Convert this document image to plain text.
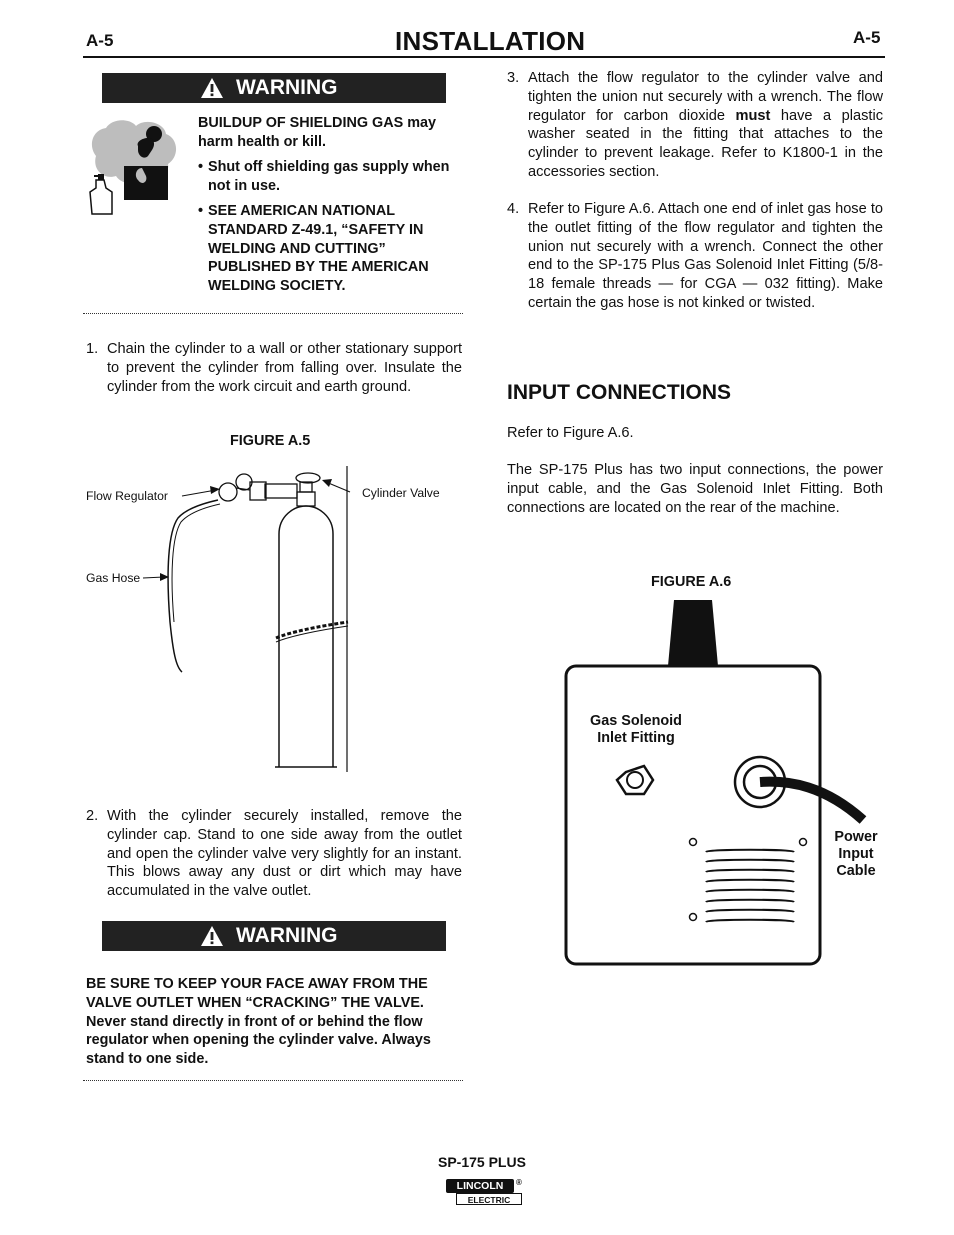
A-5	INSTALLATION	A-5
WARNING
BUILDUP OF SHIELDING GAS may harm health or kill.
• Shut off shielding gas supply when not in use.
• SEE AMERICAN NATIONAL STANDARD Z-49.1, “SAFETY IN WELDING AND CUTTING” PUBLISHED BY THE AMERICAN WELDING SOCIETY.
1. Chain the cylinder to a wall or other stationary support to prevent the cylinder from falling over. Insulate the cylinder from the work circuit and earth ground.
FIGURE A.5
Flow Regulator	Cylinder Valve
Gas Hose
2. With the cylinder securely installed, remove the cylinder cap. Stand to one side away from the outlet and open the cylinder valve very slightly for an instant. This blows away any dust or dirt which may have accumulated in the valve outlet.
WARNING
BE SURE TO KEEP YOUR FACE AWAY FROM THE VALVE OUTLET WHEN “CRACKING” THE VALVE. Never stand directly in front of or behind the flow regulator when opening the cylinder valve. Always stand to one side.
3. Attach the flow regulator to the cylinder valve and tighten the union nut securely with a wrench. The flow regulator for carbon dioxide must have a plastic washer seated in the fitting that attaches to the cylinder to prevent leakage. Refer to K1800-1 in the accessories section.
4. Refer to Figure A.6. Attach one end of inlet gas hose to the outlet fitting of the flow regulator and tighten the union nut securely with a wrench. Connect the other end to the SP-175 Plus Gas Solenoid Inlet Fitting (5/8-18 female threads — for CGA — 032 fitting). Make certain the gas hose is not kinked or twisted.
INPUT CONNECTIONS
Refer to Figure A.6.
The SP-175 Plus has two input connections, the power input cable, and the Gas Solenoid Inlet Fitting. Both connections are located on the rear of the machine.
FIGURE A.6
Gas Solenoid
Inlet Fitting
Power
Input
Cable
SP-175 PLUS
LINCOLN	®
ELECTRIC
